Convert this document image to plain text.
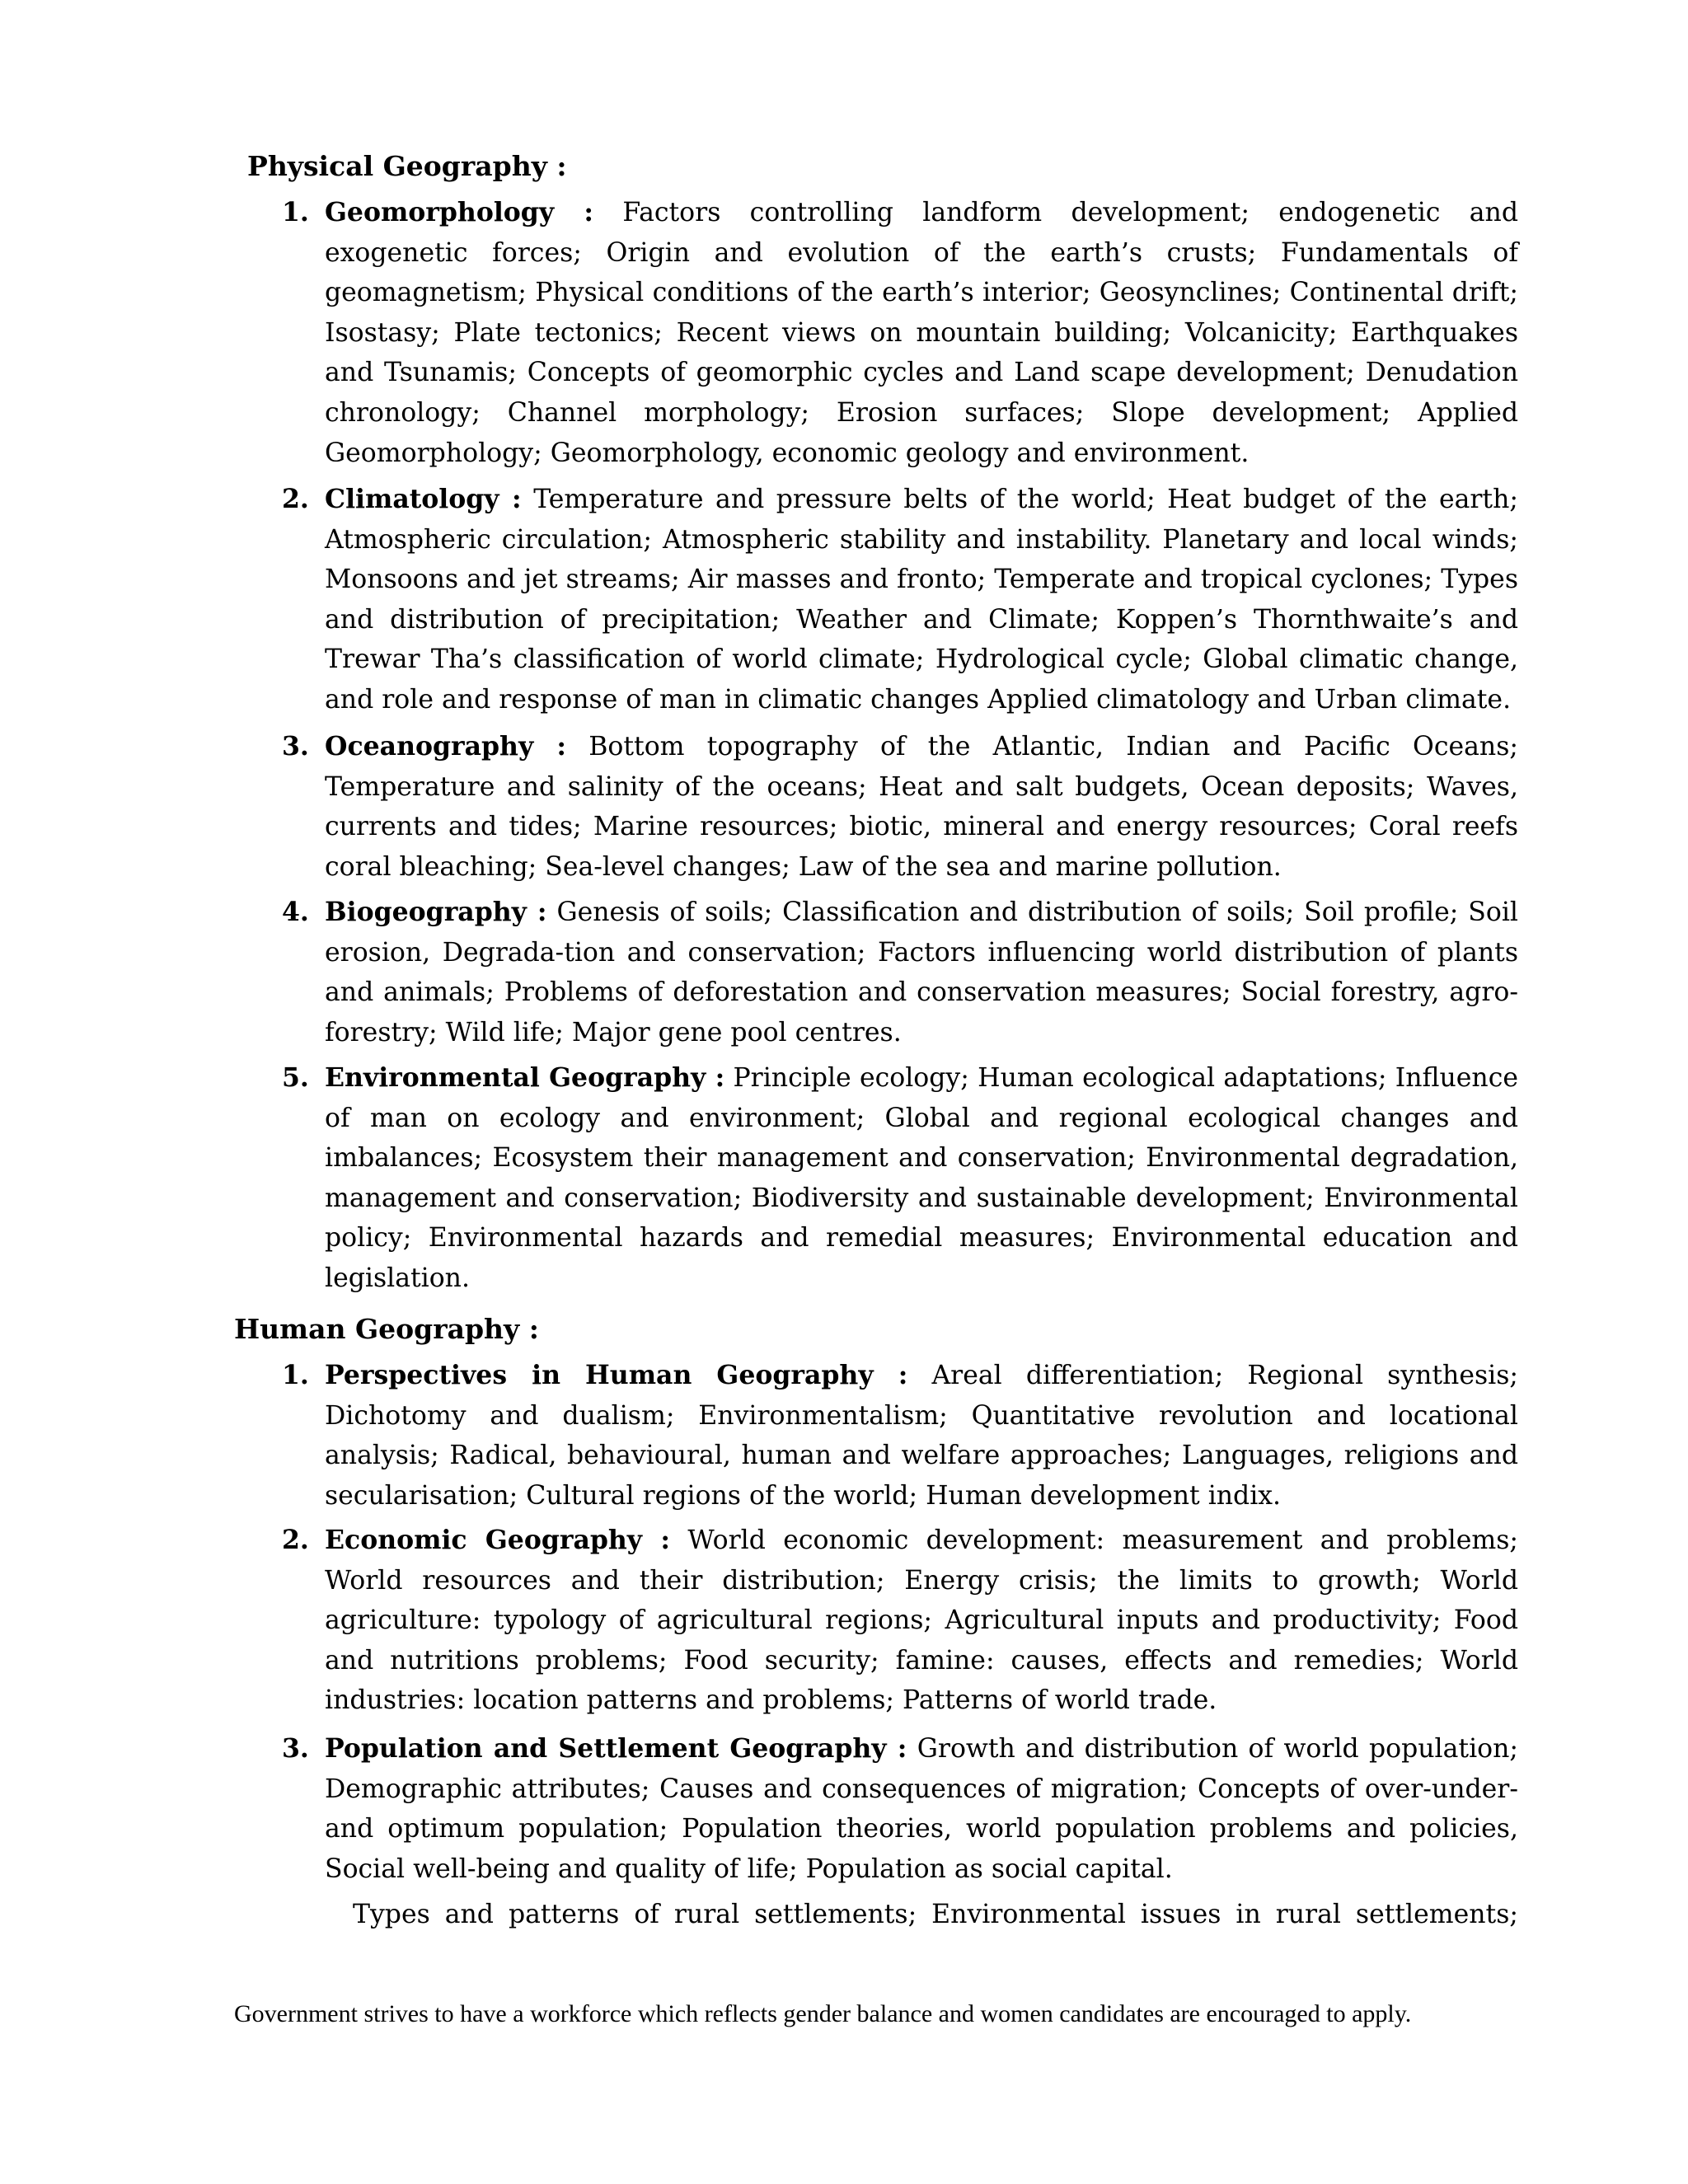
Physical Geography :
1. Geomorphology : Factors controlling landform development; endogenetic and exogenetic forces; Origin and evolution of the earth’s crusts; Fundamentals of geomagnetism; Physical conditions of the earth’s interior; Geosynclines; Continental drift; Isostasy; Plate tectonics; Recent views on mountain building; Volcanicity; Earthquakes and Tsunamis; Concepts of geomorphic cycles and Land scape development; Denudation chronology; Channel morphology; Erosion surfaces; Slope development; Applied Geomorphology; Geomorphology, economic geology and environment.
2. Climatology : Temperature and pressure belts of the world; Heat budget of the earth; Atmospheric circulation; Atmospheric stability and instability. Planetary and local winds; Monsoons and jet streams; Air masses and fronto; Temperate and tropical cyclones; Types and distribution of precipitation; Weather and Climate; Koppen’s Thornthwaite’s and Trewar Tha’s classification of world climate; Hydrological cycle; Global climatic change, and role and response of man in climatic changes Applied climatology and Urban climate.
3. Oceanography : Bottom topography of the Atlantic, Indian and Pacific Oceans; Temperature and salinity of the oceans; Heat and salt budgets, Ocean deposits; Waves, currents and tides; Marine resources; biotic, mineral and energy resources; Coral reefs coral bleaching; Sea-level changes; Law of the sea and marine pollution.
4. Biogeography : Genesis of soils; Classification and distribution of soils; Soil profile; Soil erosion, Degrada-tion and conservation; Factors influencing world distribution of plants and animals; Problems of deforestation and conservation measures; Social forestry, agro-forestry; Wild life; Major gene pool centres.
5. Environmental Geography : Principle ecology; Human ecological adaptations; Influence of man on ecology and environment; Global and regional ecological changes and imbalances; Ecosystem their management and conservation; Environmental degradation, management and conservation; Biodiversity and sustainable development; Environmental policy; Environmental hazards and remedial measures; Environmental education and legislation.
Human Geography :
1. Perspectives in Human Geography : Areal differentiation; Regional synthesis; Dichotomy and dualism; Environmentalism; Quantitative revolution and locational analysis; Radical, behavioural, human and welfare approaches; Languages, religions and secularisation; Cultural regions of the world; Human development indix.
2. Economic Geography : World economic development: measurement and problems; World resources and their distribution; Energy crisis; the limits to growth; World agriculture: typology of agricultural regions; Agricultural inputs and productivity; Food and nutritions problems; Food security; famine: causes, effects and remedies; World industries: location patterns and problems; Patterns of world trade.
3. Population and Settlement Geography : Growth and distribution of world population; Demographic attributes; Causes and consequences of migration; Concepts of over-under-and optimum population; Population theories, world population problems and policies, Social well-being and quality of life; Population as social capital.
Types and patterns of rural settlements; Environmental issues in rural settlements;
Government strives to have a workforce which reflects gender balance and women candidates are encouraged to apply.
